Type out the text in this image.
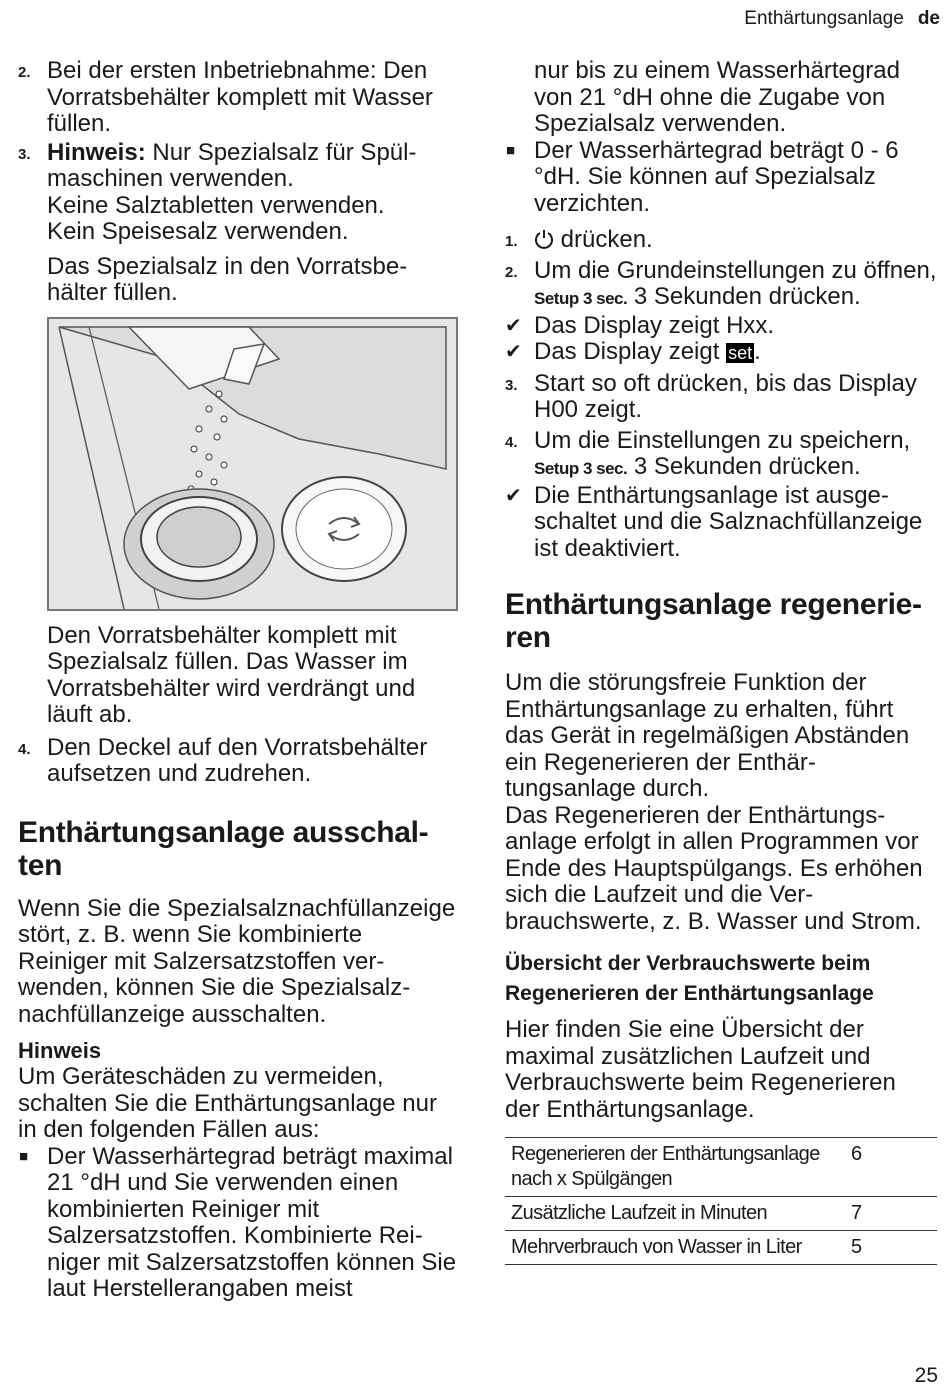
Enthärtungsanlage de
2. Bei der ersten Inbetriebnahme: Den Vorratsbehälter komplett mit Wasser füllen.
3. Hinweis: Nur Spezialsalz für Spülmaschinen verwenden.

Keine Salztabletten verwenden.

Kein Speisesalz verwenden.

Das Spezialsalz in den Vorratsbehälter füllen.

Den Vorratsbehälter komplett mit Spezialsalz füllen. Das Wasser im Vorratsbehälter wird verdrängt und läuft ab.

4. Den Deckel auf den Vorratsbehälter aufsetzen und zudrehen.
Enthärtungsanlage ausschalten

Wenn Sie die Spezialsalznachfüllanzeige stört, z. B. wenn Sie kombinierte Reiniger mit Salzersatzstoffen verwenden, können Sie die Spezialsalznachfüllanzeige ausschalten.

Hinweis

Um Geräteschäden zu vermeiden, schalten Sie die Enthärtungsanlage nur in den folgenden Fällen aus:

■ Der Wasserhärtegrad beträgt maximal 21 °dH und Sie verwenden einen kombinierten Reiniger mit Salzersatzstoffen. Kombinierte Reiniger mit Salzersatzstoffen können Sie laut Herstellerangaben meist

nur bis zu einem Wasserhärtegrad von 21 °dH ohne die Zugabe von Spezialsalz verwenden.

■ Der Wasserhärtegrad beträgt 0 - 6 °dH. Sie können auf Spezialsalz verzichten.
1. drücken.
2. Um die Grundeinstellungen zu öffnen, Setup 3 sec. 3 Sekunden drücken.
✔ Das Display zeigt Hxx.
✔ Das Display zeigt set.
3. Start so oft drücken, bis das Display H00 zeigt.
4. Um die Einstellungen zu speichern, Setup 3 sec. 3 Sekunden drücken.
✔ Die Enthärtungsanlage ist ausgeschaltet und die Salznachfüllanzeige ist deaktiviert.
Enthärtungsanlage regenerieren

Um die störungsfreie Funktion der Enthärtungsanlage zu erhalten, führt das Gerät in regelmäßigen Abständen ein Regenerieren der Enthärtungsanlage durch.

Das Regenerieren der Enthärtungsanlage erfolgt in allen Programmen vor Ende des Hauptspülgangs. Es erhöhen sich die Laufzeit und die Verbrauchswerte, z. B. Wasser und Strom.

Übersicht der Verbrauchswerte beim Regenerieren der Enthärtungsanlage

Hier finden Sie eine Übersicht der maximal zusätzlichen Laufzeit und Verbrauchswerte beim Regenerieren der Enthärtungsanlage.

Regenerieren der Enthärtungsanlage nach x Spülgängen	6
Zusätzliche Laufzeit in Minuten	7
Mehrverbrauch von Wasser in Liter	5
25
